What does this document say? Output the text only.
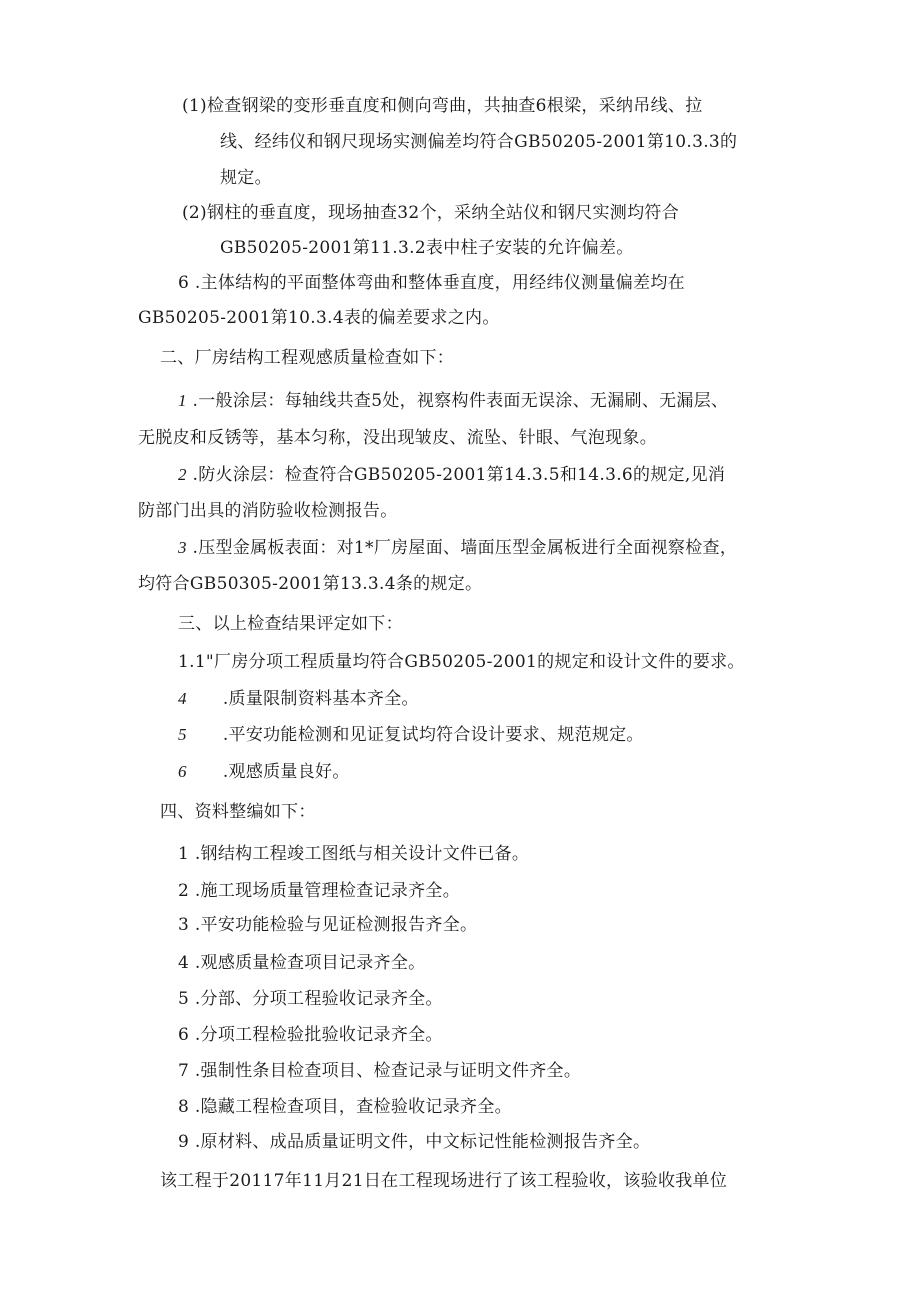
(1)检查钢梁的变形垂直度和侧向弯曲，共抽查6根梁，采纳吊线、拉
线、经纬仪和钢尺现场实测偏差均符合GB50205-2001第10.3.3的
规定。
(2)钢柱的垂直度，现场抽查32个，采纳全站仪和钢尺实测均符合
GB50205-2001第11.3.2表中柱子安装的允许偏差。
6 .主体结构的平面整体弯曲和整体垂直度，用经纬仪测量偏差均在
GB50205-2001第10.3.4表的偏差要求之内。
二、厂房结构工程观感质量检查如下：
1 .一般涂层：每轴线共查5处，视察构件表面无误涂、无漏刷、无漏层、
无脱皮和反锈等，基本匀称，没出现皱皮、流坠、针眼、气泡现象。
2 .防火涂层：检查符合GB50205-2001第14.3.5和14.3.6的规定,见消
防部门出具的消防验收检测报告。
3 .压型金属板表面：对1*厂房屋面、墙面压型金属板进行全面视察检查，
均符合GB50305-2001第13.3.4条的规定。
三、以上检查结果评定如下：
1.1"厂房分项工程质量均符合GB50205-2001的规定和设计文件的要求。
4 .质量限制资料基本齐全。
5 .平安功能检测和见证复试均符合设计要求、规范规定。
6 .观感质量良好。
四、资料整编如下：
1 .钢结构工程竣工图纸与相关设计文件已备。
2 .施工现场质量管理检查记录齐全。
3 .平安功能检验与见证检测报告齐全。
4 .观感质量检查项目记录齐全。
5 .分部、分项工程验收记录齐全。
6 .分项工程检验批验收记录齐全。
7 .强制性条目检查项目、检查记录与证明文件齐全。
8 .隐藏工程检查项目，查检验收记录齐全。
9 .原材料、成品质量证明文件，中文标记性能检测报告齐全。
该工程于20117年11月21日在工程现场进行了该工程验收，该验收我单位
